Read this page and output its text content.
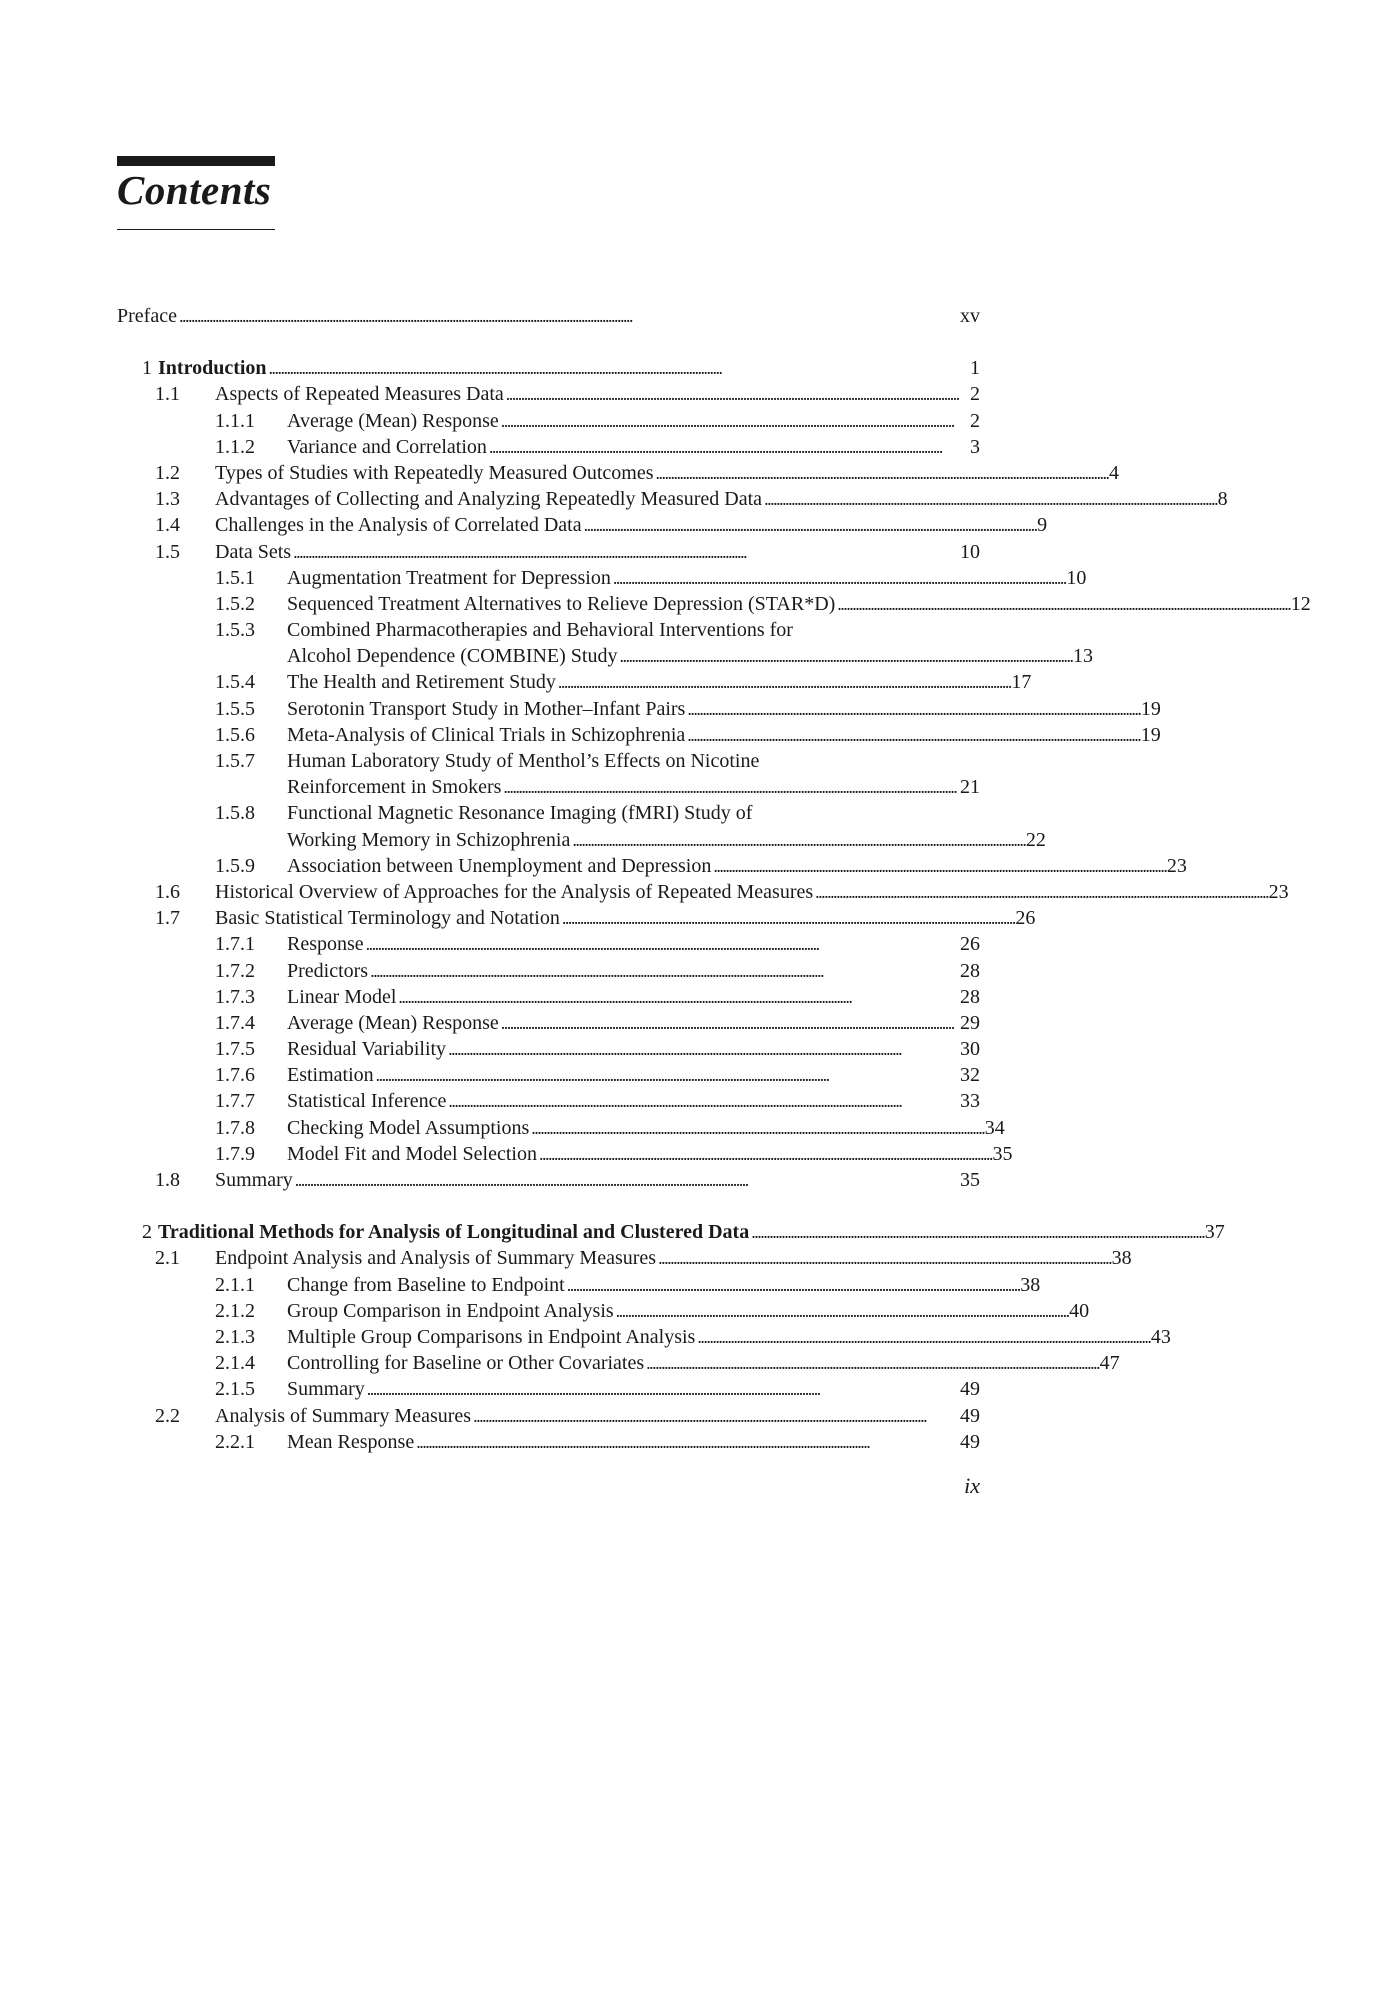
Contents
Preface . . .	xv
1 Introduction . . .	1
1.1	Aspects of Repeated Measures Data . . .	2
1.1.1	Average (Mean) Response . . .	2
1.1.2	Variance and Correlation . . .	3
1.2	Types of Studies with Repeatedly Measured Outcomes . . .	4
1.3	Advantages of Collecting and Analyzing Repeatedly Measured Data . . .	8
1.4	Challenges in the Analysis of Correlated Data . . .	9
1.5	Data Sets . . .	10
1.5.1	Augmentation Treatment for Depression . . .	10
1.5.2	Sequenced Treatment Alternatives to Relieve Depression (STAR*D) . . .	12
1.5.3	Combined Pharmacotherapies and Behavioral Interventions for
Alcohol Dependence (COMBINE) Study . . .	13
1.5.4	The Health and Retirement Study . . .	17
1.5.5	Serotonin Transport Study in Mother–Infant Pairs . . .	19
1.5.6	Meta-Analysis of Clinical Trials in Schizophrenia . . .	19
1.5.7	Human Laboratory Study of Menthol’s Effects on Nicotine
Reinforcement in Smokers . . .	21
1.5.8	Functional Magnetic Resonance Imaging (fMRI) Study of
Working Memory in Schizophrenia . . .	22
1.5.9	Association between Unemployment and Depression . . .	23
1.6	Historical Overview of Approaches for the Analysis of Repeated Measures . . .	23
1.7	Basic Statistical Terminology and Notation . . .	26
1.7.1	Response . . .	26
1.7.2	Predictors . . .	28
1.7.3	Linear Model . . .	28
1.7.4	Average (Mean) Response . . .	29
1.7.5	Residual Variability . . .	30
1.7.6	Estimation . . .	32
1.7.7	Statistical Inference . . .	33
1.7.8	Checking Model Assumptions . . .	34
1.7.9	Model Fit and Model Selection . . .	35
1.8	Summary . . .	35
2 Traditional Methods for Analysis of Longitudinal and Clustered Data . . .	37
2.1	Endpoint Analysis and Analysis of Summary Measures . . .	38
2.1.1	Change from Baseline to Endpoint . . .	38
2.1.2	Group Comparison in Endpoint Analysis . . .	40
2.1.3	Multiple Group Comparisons in Endpoint Analysis . . .	43
2.1.4	Controlling for Baseline or Other Covariates . . .	47
2.1.5	Summary . . .	49
2.2	Analysis of Summary Measures . . .	49
2.2.1	Mean Response . . .	49
ix
